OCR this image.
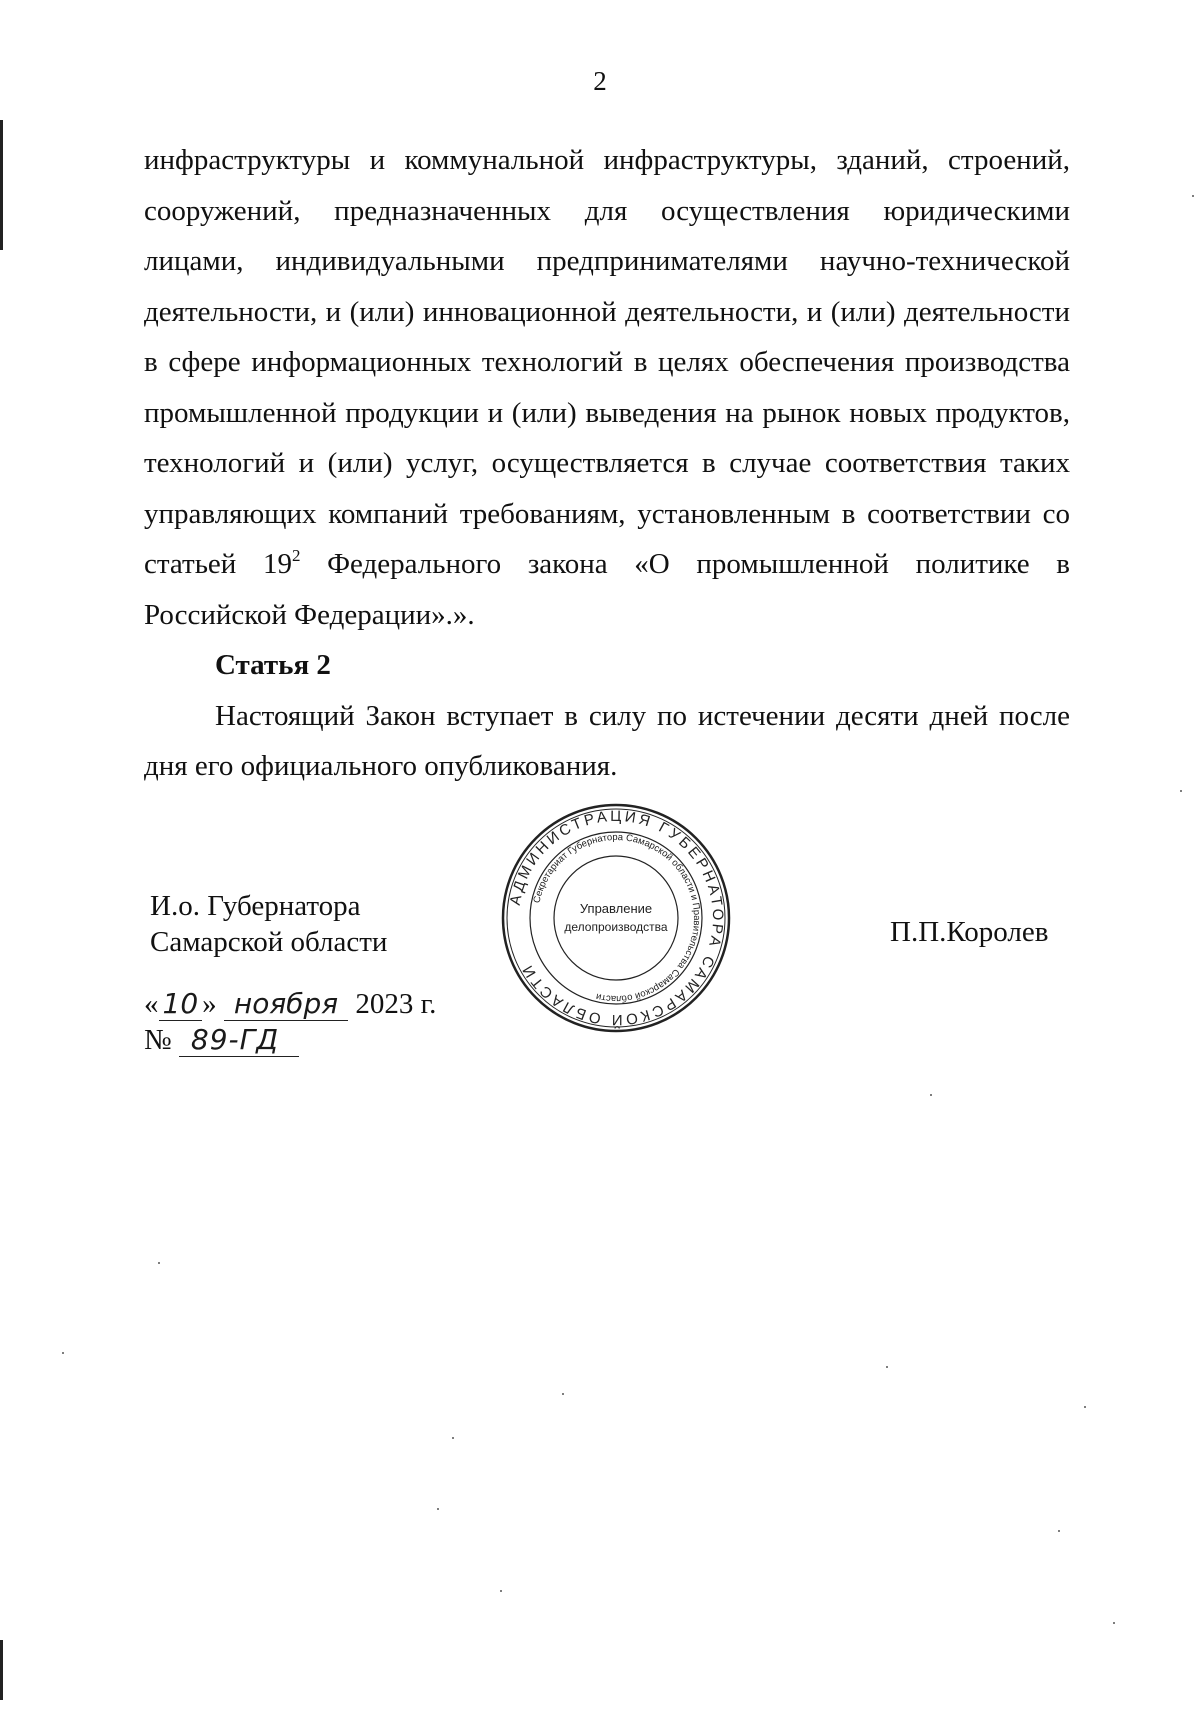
2

инфраструктуры и коммунальной инфраструктуры, зданий, строений, сооружений, предназначенных для осуществления юридическими лицами, индивидуальными предпринимателями научно-технической деятельности, и (или) инновационной деятельности, и (или) деятельности в сфере информационных технологий в целях обеспечения производства промышленной продукции и (или) выведения на рынок новых продуктов, технологий и (или) услуг, осуществляется в случае соответствия таких управляющих компаний требованиям, установленным в соответствии со статьей $19^2$ Федерального закона «О промышленной политике в Российской Федерации».».

Статья 2

Настоящий Закон вступает в силу по истечении десяти дней после дня его официального опубликования.

И.о. Губернатора
Самарской области	П.П.Королев
АДМИНИСТРАЦИЯ ГУБЕРНАТОРА САМАРСКОЙ ОБЛАСТИ
Секретариат Губернатора Самарской области и Правительства Самарской области
Управление
делопроизводства
« 10 » ноября 2023 г.
№ 89-ГД
